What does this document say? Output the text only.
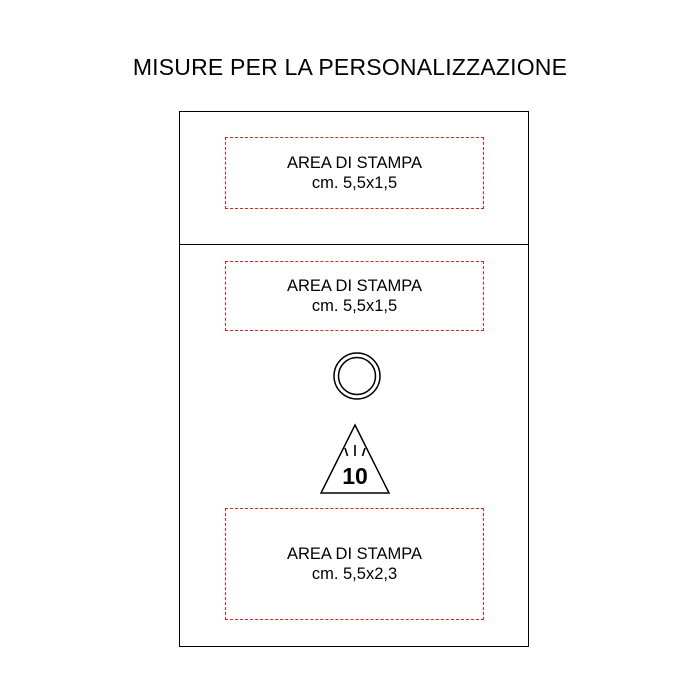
MISURE PER LA PERSONALIZZAZIONE
AREA DI STAMPA
cm. 5,5x1,5
AREA DI STAMPA
cm. 5,5x1,5
10
AREA DI STAMPA
cm. 5,5x2,3
